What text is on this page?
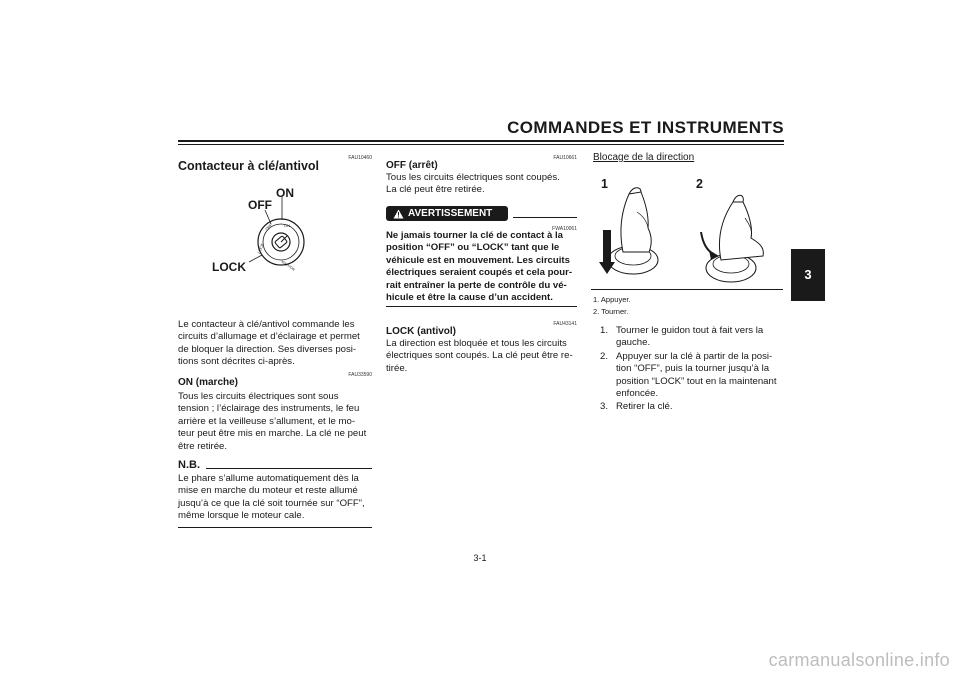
COMMANDES ET INSTRUMENTS
3
FAU10460
Contacteur à clé/antivol
ON
OFF
LOCK
IGNITION
ON
OFF
LOCK
Le contacteur à clé/antivol commande les
circuits d’allumage et d’éclairage et permet
de bloquer la direction. Ses diverses posi-
tions sont décrites ci-après.
FAU33590
ON (marche)
Tous les circuits électriques sont sous
tension ; l’éclairage des instruments, le feu
arrière et la veilleuse s’allument, et le mo-
teur peut être mis en marche. La clé ne peut
être retirée.
N.B.
Le phare s’allume automatiquement dès la
mise en marche du moteur et reste allumé
jusqu’à ce que la clé soit tournée sur “OFF”,
même lorsque le moteur cale.
FAU10661
OFF (arrêt)
Tous les circuits électriques sont coupés.
La clé peut être retirée.
AVERTISSEMENT
FWA10061
Ne jamais tourner la clé de contact à la
position “OFF” ou “LOCK” tant que le
véhicule est en mouvement. Les circuits
électriques seraient coupés et cela pour-
rait entraîner la perte de contrôle du vé-
hicule et être la cause d’un accident.
FAU43141
LOCK (antivol)
La direction est bloquée et tous les circuits
électriques sont coupés. La clé peut être re-
tirée.
Blocage de la direction
1	2
1. Appuyer.
2. Tourner.
1. Tourner le guidon tout à fait vers la
gauche.
2. Appuyer sur la clé à partir de la posi-
tion “OFF”, puis la tourner jusqu’à la
position “LOCK” tout en la maintenant
enfoncée.
3. Retirer la clé.
3-1
carmanualsonline.info
